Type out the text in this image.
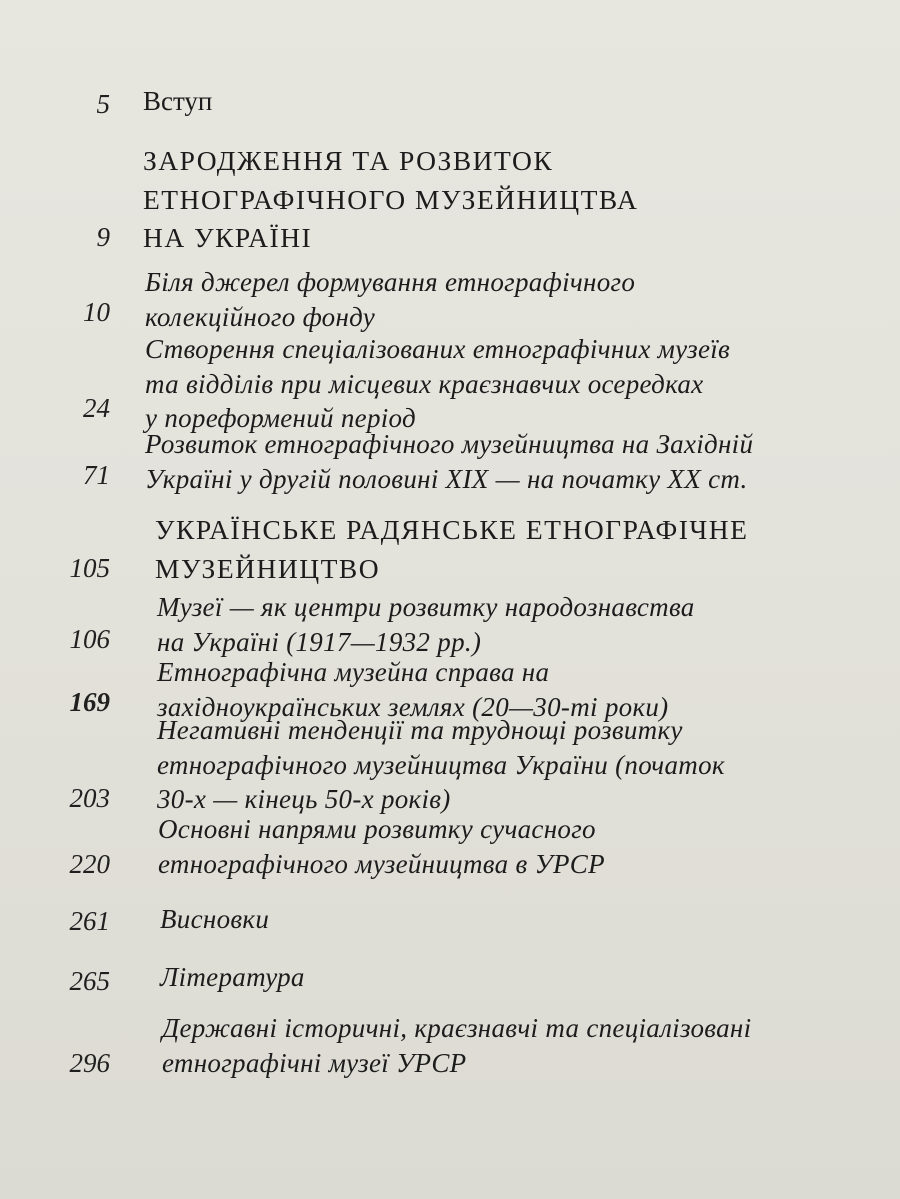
5 Вступ
ЗАРОДЖЕННЯ ТА РОЗВИТОК
ЕТНОГРАФІЧНОГО МУЗЕЙНИЦТВА
НА УКРАЇНІ
9
Біля джерел формування етнографічного
колекційного фонду
10
Створення спеціалізованих етнографічних музеїв
та відділів при місцевих краєзнавчих осередках
у пореформений період
24
Розвиток етнографічного музейництва на Західній
Україні у другій половині XIX — на початку XX ст.
71
УКРАЇНСЬКЕ РАДЯНСЬКЕ ЕТНОГРАФІЧНЕ
МУЗЕЙНИЦТВО
105
Музеї — як центри розвитку народознавства
на Україні (1917—1932 рр.)
106
Етнографічна музейна справа на
західноукраїнських землях (20—30-ті роки)
169
Негативні тенденції та труднощі розвитку
етнографічного музейництва України (початок
30-х — кінець 50-х років)
203
Основні напрями розвитку сучасного
етнографічного музейництва в УРСР
220
261 Висновки
265 Література
Державні історичні, краєзнавчі та спеціалізовані
етнографічні музеї УРСР
296
